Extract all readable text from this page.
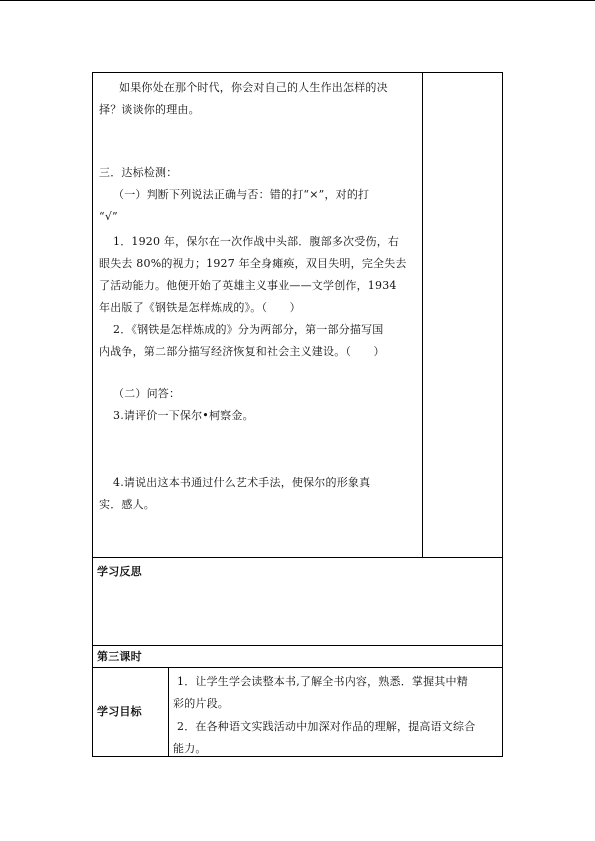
如果你处在那个时代，你会对自己的人生作出怎样的决
择？谈谈你的理由。
三．达标检测：
（一）判断下列说法正确与否：错的打“×”，对的打
“√”
1．1920 年，保尔在一次作战中头部．腹部多次受伤，右
眼失去 80%的视力；1927 年全身瘫痪，双目失明，完全失去
了活动能力。他便开始了英雄主义事业——文学创作，1934
年出版了《钢铁是怎样炼成的》。（　　）
2．《钢铁是怎样炼成的》分为两部分，第一部分描写国
内战争，第二部分描写经济恢复和社会主义建设。（　　）
（二）问答：
3.请评价一下保尔•柯察金。
4.请说出这本书通过什么艺术手法，使保尔的形象真
实．感人。
学习反思
第三课时
学习目标
1．让学生学会读整本书,了解全书内容，熟悉．掌握其中精
彩的片段。
2．在各种语文实践活动中加深对作品的理解，提高语文综合
能力。
